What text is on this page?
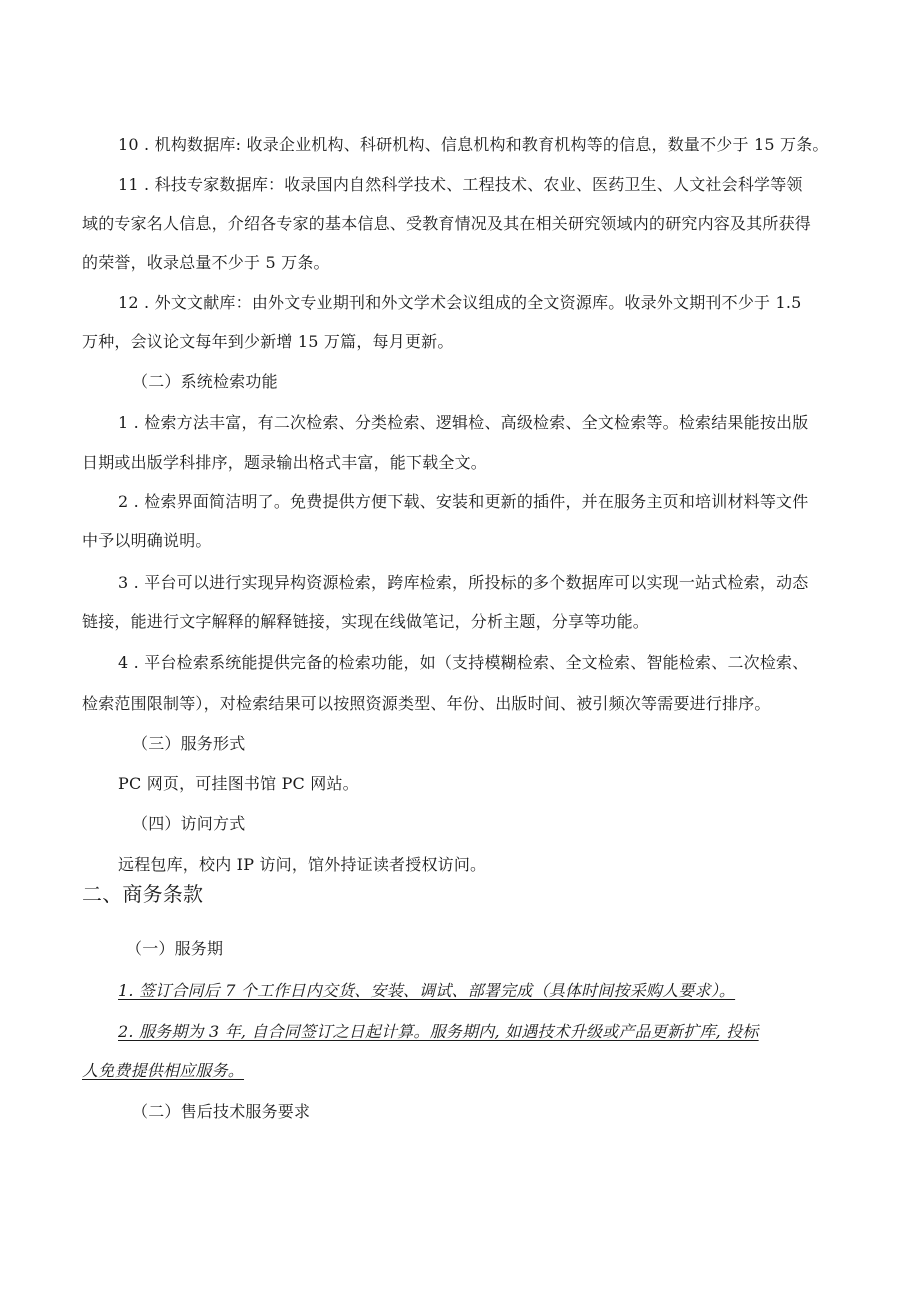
10 . 机构数据库: 收录企业机构、科研机构、信息机构和教育机构等的信息，数量不少于 15 万条。
11 . 科技专家数据库：收录国内自然科学技术、工程技术、农业、医药卫生、人文社会科学等领
域的专家名人信息，介绍各专家的基本信息、受教育情况及其在相关研究领域内的研究内容及其所获得
的荣誉，收录总量不少于 5 万条。
12 . 外文文献库：由外文专业期刊和外文学术会议组成的全文资源库。收录外文期刊不少于 1.5
万种，会议论文每年到少新增 15 万篇，每月更新。
（二）系统检索功能
1 . 检索方法丰富，有二次检索、分类检索、逻辑检、高级检索、全文检索等。检索结果能按出版
日期或出版学科排序，题录输出格式丰富，能下载全文。
2 . 检索界面简洁明了。免费提供方便下载、安装和更新的插件，并在服务主页和培训材料等文件
中予以明确说明。
3 . 平台可以进行实现异构资源检索，跨库检索，所投标的多个数据库可以实现一站式检索，动态
链接，能进行文字解释的解释链接，实现在线做笔记，分析主题，分享等功能。
4 . 平台检索系统能提供完备的检索功能，如（支持模糊检索、全文检索、智能检索、二次检索、
检索范围限制等），对检索结果可以按照资源类型、年份、出版时间、被引频次等需要进行排序。
（三）服务形式
PC 网页，可挂图书馆 PC 网站。
（四）访问方式
远程包库，校内 IP 访问，馆外持证读者授权访问。
二、商务条款
（一）服务期
1. 签订合同后 7 个工作日内交货、安装、调试、部署完成（具体时间按采购人要求）。
2. 服务期为 3 年, 自合同签订之日起计算。服务期内, 如遇技术升级或产品更新扩库, 投标
人免费提供相应服务。
（二）售后技术服务要求
